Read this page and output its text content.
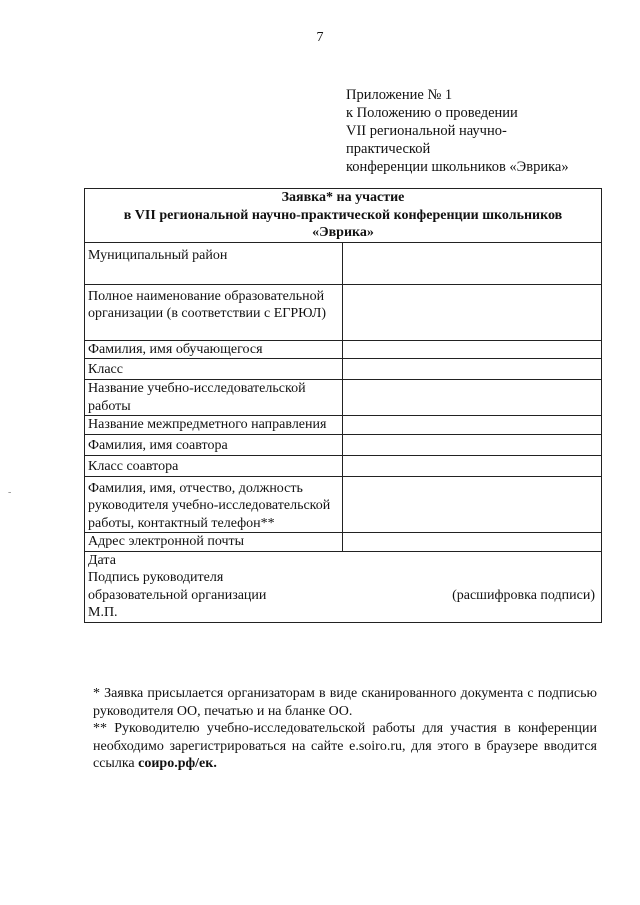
7
Приложение № 1
к Положению о проведении
VII региональной научно-
практической
конференции школьников «Эврика»
-
Заявка* на участие
в VII региональной научно-практической конференции школьников
«Эврика»	

Муниципальный район	
Полное наименование образовательной организации (в соответствии с ЕГРЮЛ)	
Фамилия, имя обучающегося	
Класс	
Название учебно-исследовательской работы	
Название межпредметного направления	
Фамилия, имя соавтора	
Класс соавтора	
Фамилия, имя, отчество, должность руководителя учебно-исследовательской работы, контактный телефон**	
Адрес электронной почты	

Дата
Подпись руководителя
образовательной организации
М.П.
(расшифровка подписи)	

* Заявка присылается организаторам в виде сканированного документа с подписью руководителя ОО, печатью и на бланке ОО.

** Руководителю учебно-исследовательской работы для участия в конференции необходимо зарегистрироваться на сайте e.soiro.ru, для этого в браузере вводится ссылка соиро.рф/ек.
